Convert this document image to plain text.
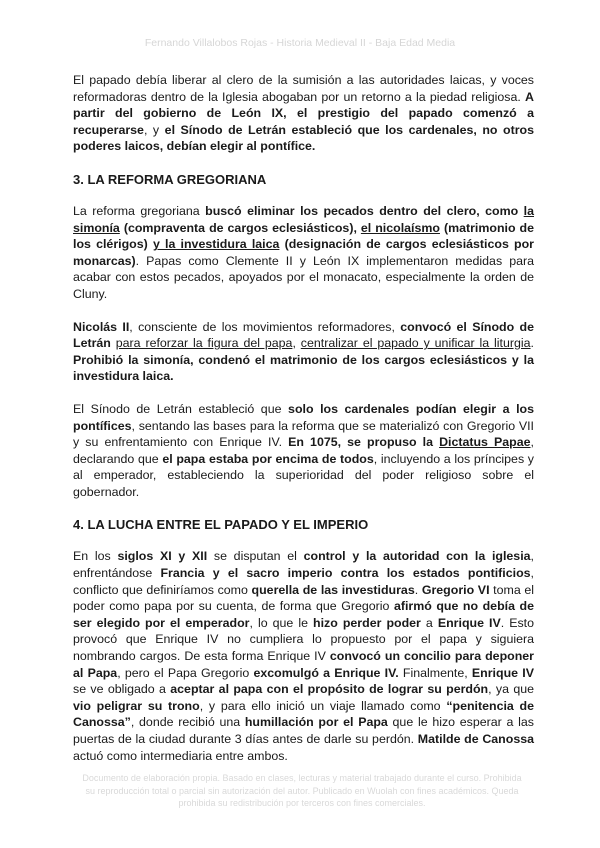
Fernando Villalobos Rojas - Historia Medieval II - Baja Edad Media

El papado debía liberar al clero de la sumisión a las autoridades laicas, y voces reformadoras dentro de la Iglesia abogaban por un retorno a la piedad religiosa. A partir del gobierno de León IX, el prestigio del papado comenzó a recuperarse, y el Sínodo de Letrán estableció que los cardenales, no otros poderes laicos, debían elegir al pontífice.

3. LA REFORMA GREGORIANA

La reforma gregoriana buscó eliminar los pecados dentro del clero, como la simonía (compraventa de cargos eclesiásticos), el nicolaísmo (matrimonio de los clérigos) y la investidura laica (designación de cargos eclesiásticos por monarcas). Papas como Clemente II y León IX implementaron medidas para acabar con estos pecados, apoyados por el monacato, especialmente la orden de Cluny.

Nicolás II, consciente de los movimientos reformadores, convocó el Sínodo de Letrán para reforzar la figura del papa, centralizar el papado y unificar la liturgia. Prohibió la simonía, condenó el matrimonio de los cargos eclesiásticos y la investidura laica.

El Sínodo de Letrán estableció que solo los cardenales podían elegir a los pontífices, sentando las bases para la reforma que se materializó con Gregorio VII y su enfrentamiento con Enrique IV. En 1075, se propuso la Dictatus Papae, declarando que el papa estaba por encima de todos, incluyendo a los príncipes y al emperador, estableciendo la superioridad del poder religioso sobre el gobernador.

4. LA LUCHA ENTRE EL PAPADO Y EL IMPERIO

En los siglos XI y XII se disputan el control y la autoridad con la iglesia, enfrentándose Francia y el sacro imperio contra los estados pontificios, conflicto que definiríamos como querella de las investiduras. Gregorio VI toma el poder como papa por su cuenta, de forma que Gregorio afirmó que no debía de ser elegido por el emperador, lo que le hizo perder poder a Enrique IV. Esto provocó que Enrique IV no cumpliera lo propuesto por el papa y siguiera nombrando cargos. De esta forma Enrique IV convocó un concilio para deponer al Papa, pero el Papa Gregorio excomulgó a Enrique IV. Finalmente, Enrique IV se ve obligado a aceptar al papa con el propósito de lograr su perdón, ya que vio peligrar su trono, y para ello inició un viaje llamado como “penitencia de Canossa”, donde recibió una humillación por el Papa que le hizo esperar a las puertas de la ciudad durante 3 días antes de darle su perdón. Matilde de Canossa actuó como intermediaria entre ambos.

Documento de elaboración propia. Basado en clases, lecturas y material trabajado durante el curso. Prohibida su reproducción total o parcial sin autorización del autor. Publicado en Wuolah con fines académicos. Queda prohibida su redistribución por terceros con fines comerciales.
